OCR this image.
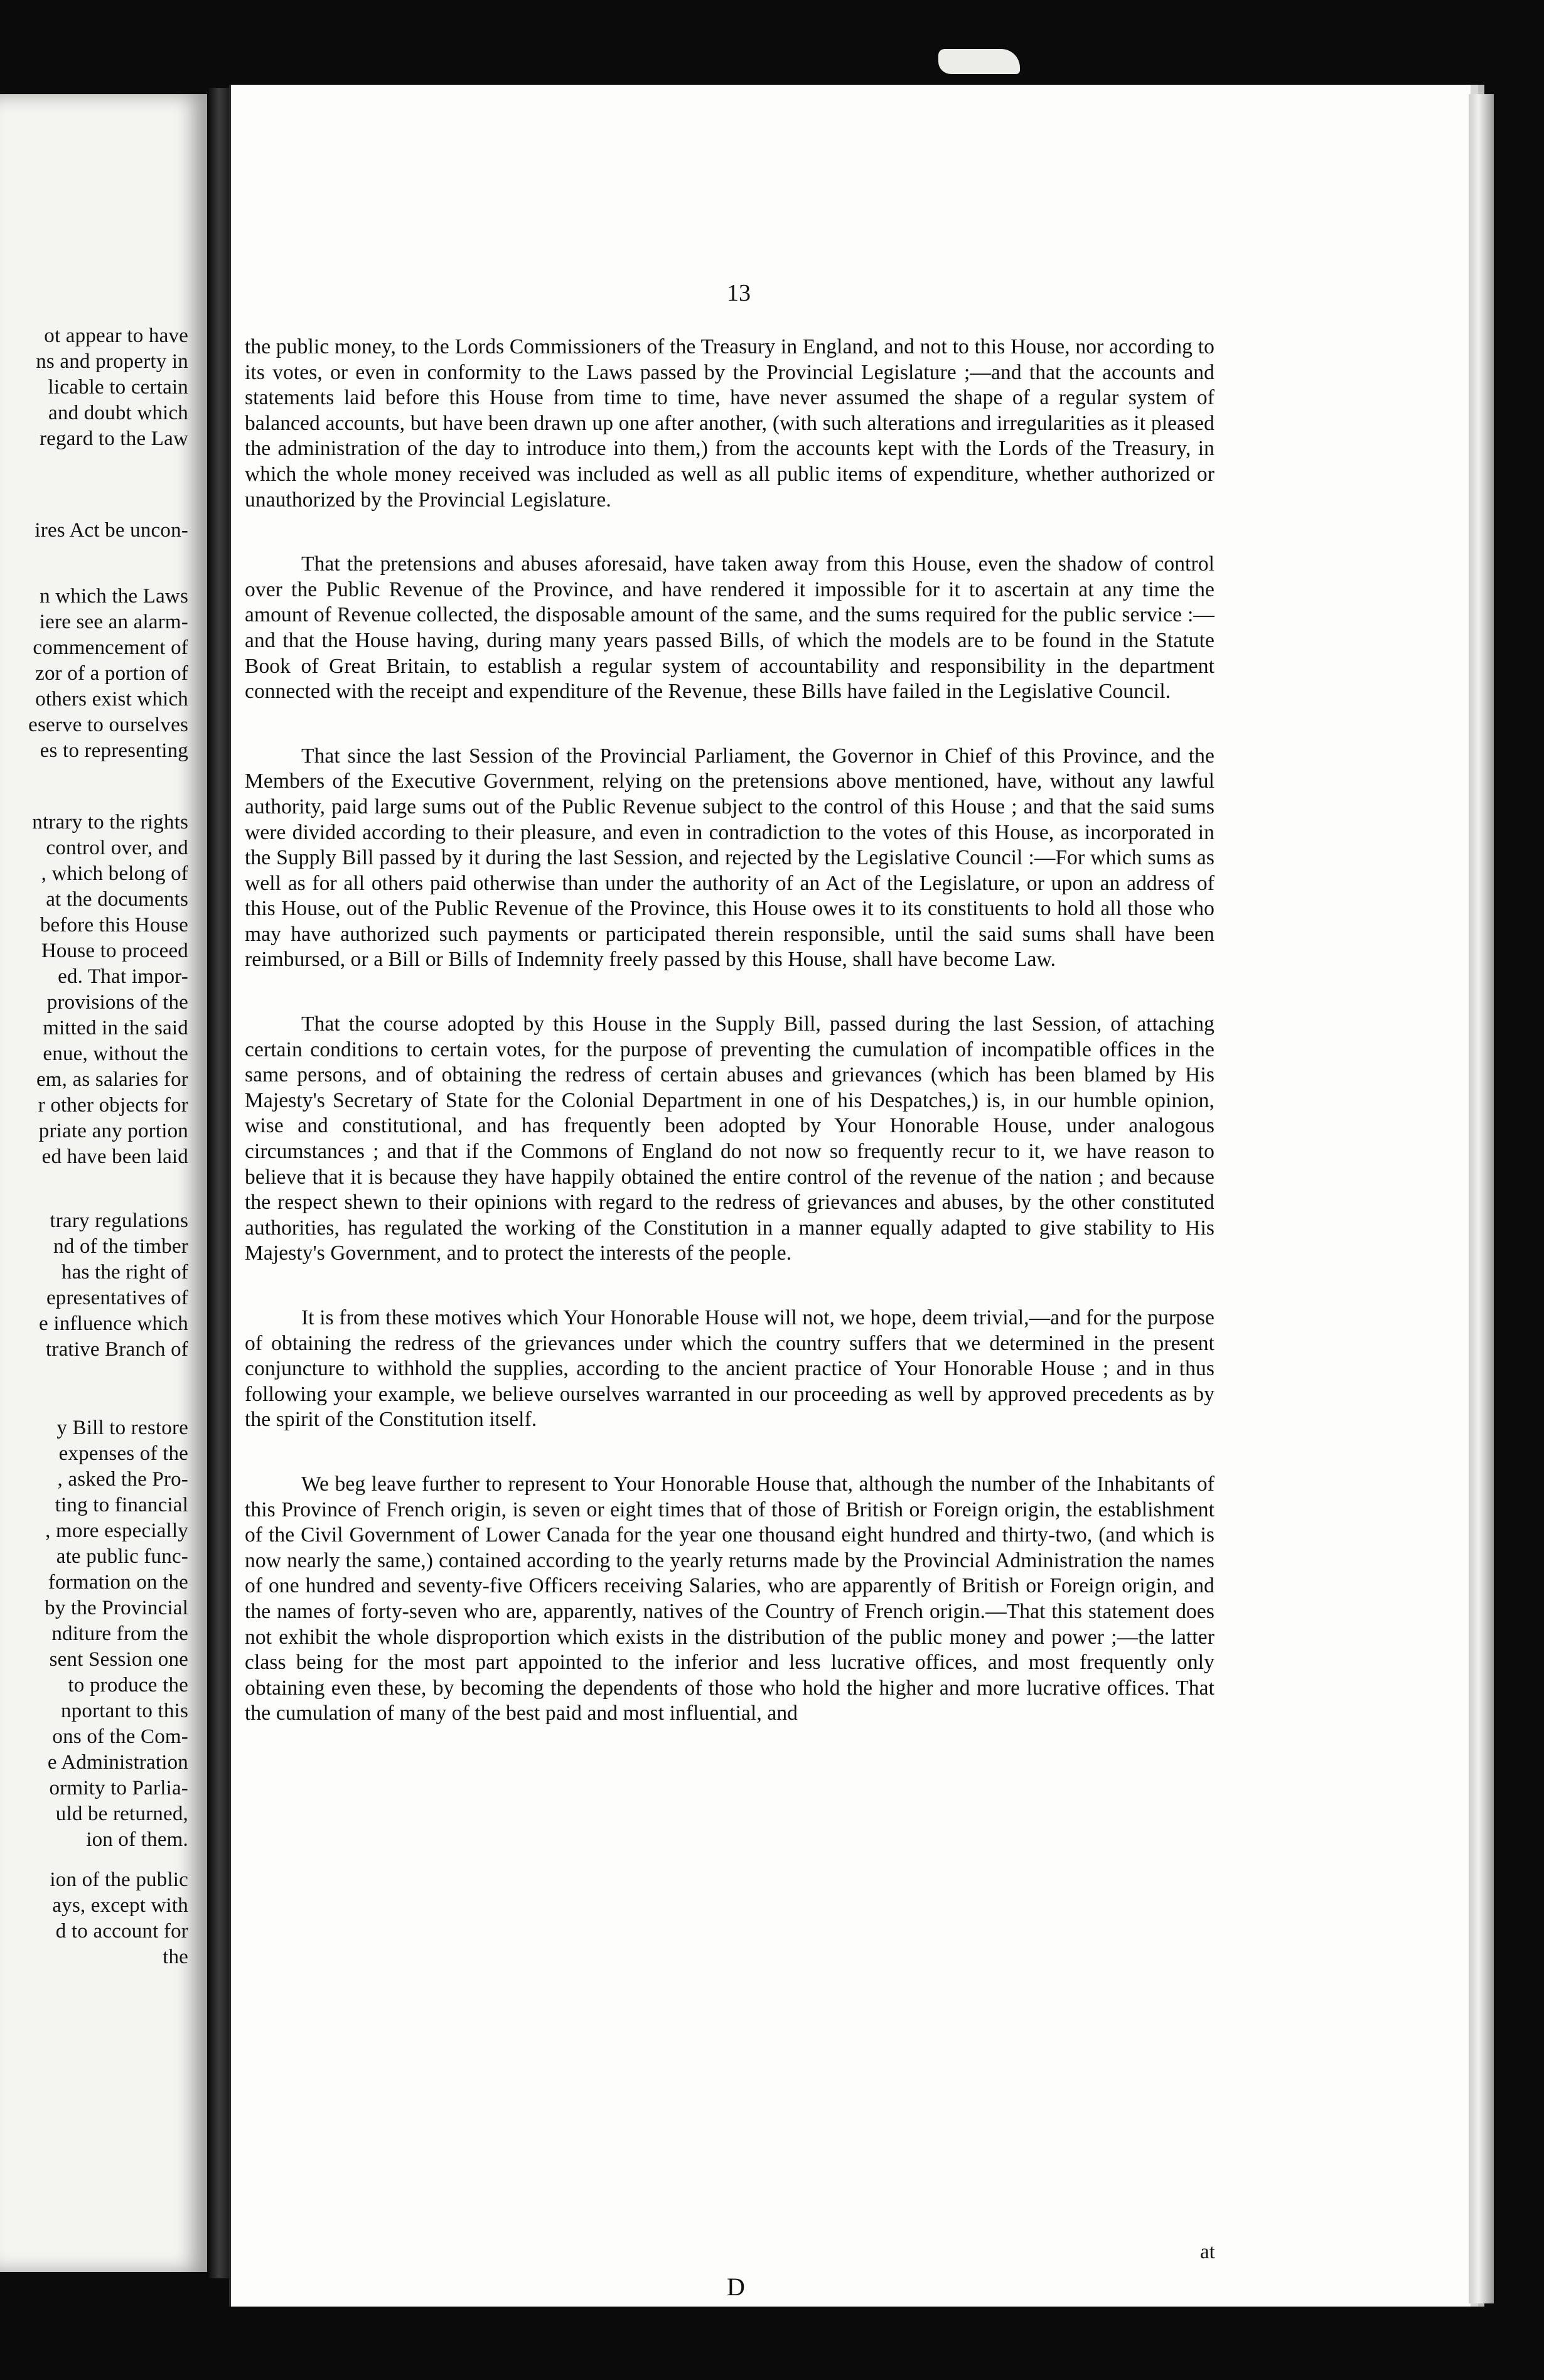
ot appear to have
ns and property in
licable to certain
and doubt which
regard to the Law
ires Act be uncon-
n which the Laws
iere see an alarm-
commencement of
zor of a portion of
others exist which
eserve to ourselves
es to representing
ntrary to the rights
control over, and
, which belong of
at the documents
before this House
House to proceed
ed. That impor-
provisions of the
mitted in the said
enue, without the
em, as salaries for
r other objects for
priate any portion
ed have been laid
trary regulations
nd of the timber
has the right of
epresentatives of
e influence which
trative Branch of
y Bill to restore
expenses of the
, asked the Pro-
ting to financial
, more especially
ate public func-
formation on the
by the Provincial
nditure from the
sent Session one
to produce the
nportant to this
ons of the Com-
e Administration
ormity to Parlia-
uld be returned,
ion of them.
ion of the public
ays, except with
d to account for
the
13

the public money, to the Lords Commissioners of the Treasury in England, and not to this House, nor according to its votes, or even in conformity to the Laws passed by the Provincial Legislature ;—and that the accounts and statements laid before this House from time to time, have never assumed the shape of a regular system of balanced accounts, but have been drawn up one after another, (with such alterations and irregularities as it pleased the administration of the day to introduce into them,) from the accounts kept with the Lords of the Treasury, in which the whole money received was included as well as all public items of expenditure, whether authorized or unauthorized by the Provincial Legislature.

That the pretensions and abuses aforesaid, have taken away from this House, even the shadow of control over the Public Revenue of the Province, and have rendered it impossible for it to ascertain at any time the amount of Revenue collected, the disposable amount of the same, and the sums required for the public service :—and that the House having, during many years passed Bills, of which the models are to be found in the Statute Book of Great Britain, to establish a regular system of accountability and responsibility in the department connected with the receipt and expenditure of the Revenue, these Bills have failed in the Legislative Council.

That since the last Session of the Provincial Parliament, the Governor in Chief of this Province, and the Members of the Executive Government, relying on the pretensions above mentioned, have, without any lawful authority, paid large sums out of the Public Revenue subject to the control of this House ; and that the said sums were divided according to their pleasure, and even in contradiction to the votes of this House, as incorporated in the Supply Bill passed by it during the last Session, and rejected by the Legislative Council :—For which sums as well as for all others paid otherwise than under the authority of an Act of the Legislature, or upon an address of this House, out of the Public Revenue of the Province, this House owes it to its constituents to hold all those who may have authorized such payments or participated therein responsible, until the said sums shall have been reimbursed, or a Bill or Bills of Indemnity freely passed by this House, shall have become Law.

That the course adopted by this House in the Supply Bill, passed during the last Session, of attaching certain conditions to certain votes, for the purpose of preventing the cumulation of incompatible offices in the same persons, and of obtaining the redress of certain abuses and grievances (which has been blamed by His Majesty's Secretary of State for the Colonial Department in one of his Despatches,) is, in our humble opinion, wise and constitutional, and has frequently been adopted by Your Honorable House, under analogous circumstances ; and that if the Commons of England do not now so frequently recur to it, we have reason to believe that it is because they have happily obtained the entire control of the revenue of the nation ; and because the respect shewn to their opinions with regard to the redress of grievances and abuses, by the other constituted authorities, has regulated the working of the Constitution in a manner equally adapted to give stability to His Majesty's Government, and to protect the interests of the people.

It is from these motives which Your Honorable House will not, we hope, deem trivial,—and for the purpose of obtaining the redress of the grievances under which the country suffers that we determined in the present conjuncture to withhold the supplies, according to the ancient practice of Your Honorable House ; and in thus following your example, we believe ourselves warranted in our proceeding as well by approved precedents as by the spirit of the Constitution itself.

We beg leave further to represent to Your Honorable House that, although the number of the Inhabitants of this Province of French origin, is seven or eight times that of those of British or Foreign origin, the establishment of the Civil Government of Lower Canada for the year one thousand eight hundred and thirty-two, (and which is now nearly the same,) contained according to the yearly returns made by the Provincial Administration the names of one hundred and seventy-five Officers receiving Salaries, who are apparently of British or Foreign origin, and the names of forty-seven who are, apparently, natives of the Country of French origin.—That this statement does not exhibit the whole disproportion which exists in the distribution of the public money and power ;—the latter class being for the most part appointed to the inferior and less lucrative offices, and most frequently only obtaining even these, by becoming the dependents of those who hold the higher and more lucrative offices. That the cumulation of many of the best paid and most influential, and

at
D
